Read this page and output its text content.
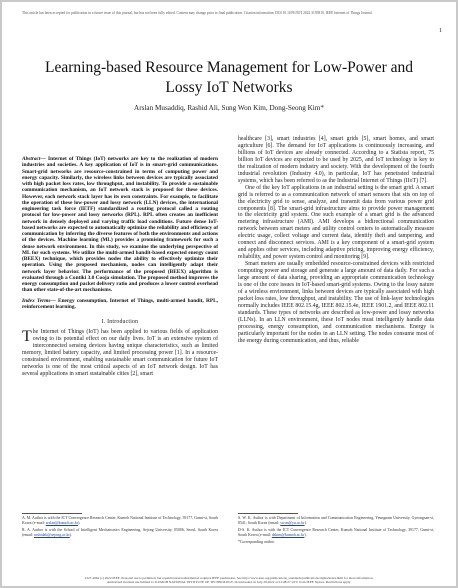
This article has been accepted for publication in a future issue of this journal, but has not been fully edited. Content may change prior to final publication. Citation information: DOI 10.1109/JIOT.2022.3195819, IEEE Internet of Things Journal
1
Learning-based Resource Management for Low-Power and Lossy IoT Networks
Arslan Musaddiq, Rashid Ali, Sung Won Kim, Dong-Seong Kim*
Abstract— Internet of Things (IoT) networks are key to the realization of modern industries and societies. A key application of IoT is in smart-grid communications. Smart-grid networks are resource-constrained in terms of computing power and energy capacity. Similarly, the wireless links between devices are typically associated with high packet loss rates, low throughput, and instability. To provide a sustainable communication mechanism, an IoT network stack is proposed for these devices. However, each network stack layer has its own constraints. For example, to facilitate the operation of these low-power and lossy network (LLN) devices, the international engineering task force (IETF) standardized a routing protocol called a routing protocol for low-power and lossy networks (RPL). RPL often creates an inefficient network in densely deployed and varying traffic load conditions. Future dense IoT-based networks are expected to automatically optimize the reliability and efficiency of communication by inferring the diverse features of both the environments and actions of the devices. Machine learning (ML) provides a promising framework for such a dense network environment. In this study, we examine the underlying perspective of ML for such systems. We utilize the multi-armed bandit-based expected energy count (BEEX) technique, which provides nodes the ability to effectively optimize their operation. Using the proposed mechanism, nodes can intelligently adapt their network layer behavior. The performance of the proposed (BEEX) algorithm is evaluated through a Contiki 3.0 Cooja simulation. The proposed method improves the energy consumption and packet delivery ratio and produces a lower control overhead than other state-of-the-art mechanisms.
Index Terms— Energy consumption, Internet of Things, multi-armed bandit, RPL, reinforcement learning.
I. Introduction
The Internet of Things (IoT) has been applied to various fields of application owing to its potential effect on our daily lives. IoT is an extensive system of interconnected sensing devices having unique characteristics, such as limited memory, limited battery capacity, and limited processing power [1]. In a resource-constrained environment, enabling sustainable smart communication for future IoT networks is one of the most critical aspects of an IoT network design. IoT has several applications in smart sustainable cities [2], smart

healthcare [3], smart industries [4], smart grids [5], smart homes, and smart agriculture [6]. The demand for IoT applications is continuously increasing, and billions of IoT devices are already connected. According to a Statista report, 75 billion IoT devices are expected to be used by 2025, and IoT technology is key to the realization of modern industry and society. With the development of the fourth industrial revolution (Industry 4.0), in particular, IoT has penetrated industrial systems, which has been referred to as the Industrial Internet of Things (IIoT) [7].

One of the key IoT applications in an industrial setting is the smart grid. A smart grid is referred to as a communication network of smart sensors that sits on top of the electricity grid to sense, analyze, and transmit data from various power grid components [8]. The smart-grid infrastructure aims to provide power management to the electricity grid system. One such example of a smart grid is the advanced metering infrastructure (AMI). AMI develops a bidirectional communication network between smart meters and utility control centers to automatically measure electric usage, collect voltage and current data, identify theft and tampering, and connect and disconnect services. AMI is a key component of a smart-grid system and applies other services, including adaptive pricing, improving energy efficiency, reliability, and power system control and monitoring [9].

Smart meters are usually embedded resource-constrained devices with restricted computing power and storage and generate a large amount of data daily. For such a large amount of data sharing, providing an appropriate communication technology is one of the core issues in IoT-based smart-grid systems. Owing to the lossy nature of a wireless environment, links between devices are typically associated with high packet loss rates, low throughput, and instability. The use of link-layer technologies normally includes IEEE 802.15.4g, IEEE 802.15.4e, IEEE 1901.2, and IEEE 802.11 standards. These types of networks are described as low-power and lossy networks (LLNs). In an LLN environment, these IoT nodes must intelligently handle data processing, energy consumption, and communication mechanisms. Energy is particularly important for the nodes in an LLN setting. The nodes consume most of the energy during communication, and thus, reliable

A. M. Author is with the ICT Convergence Research Center, Kumoh National Institute of Technology, 39177, Gumi-si, South Korea (e-mail: arslan@kumoh.ac.kr).
R. A. Author is with the School of Intelligent Mechatronics Engineering, Sejong University, 05006, Seoul, South Korea (email: rashidali@sejong.ac.kr).
S. W. K. Author is with Department of Information and Communication Engineering, Yeungnam University, Gyeongsan-si, 8541, South Korea (email: swon@yu.ac.kr).
D-S. K. Author is with the ICT Convergence Research Center, Kumoh National Institute of Technology, 39177, Gumi-si, South Korea (e-mail: dskim@kumoh.ac.kr).
*Corresponding author.
2327-4662 (c) 2022 IEEE. Personal use is permitted, but republication/redistribution requires IEEE permission. See http://www.ieee.org/publications_standards/publications/rights/index.html for more information.
Authorized licensed use limited to: KUMOH NATIONAL INSTITUTE OF TECHNOLOGY. Downloaded on July 26,2022 at 01:48:27 UTC from IEEE Xplore. Restrictions apply.
